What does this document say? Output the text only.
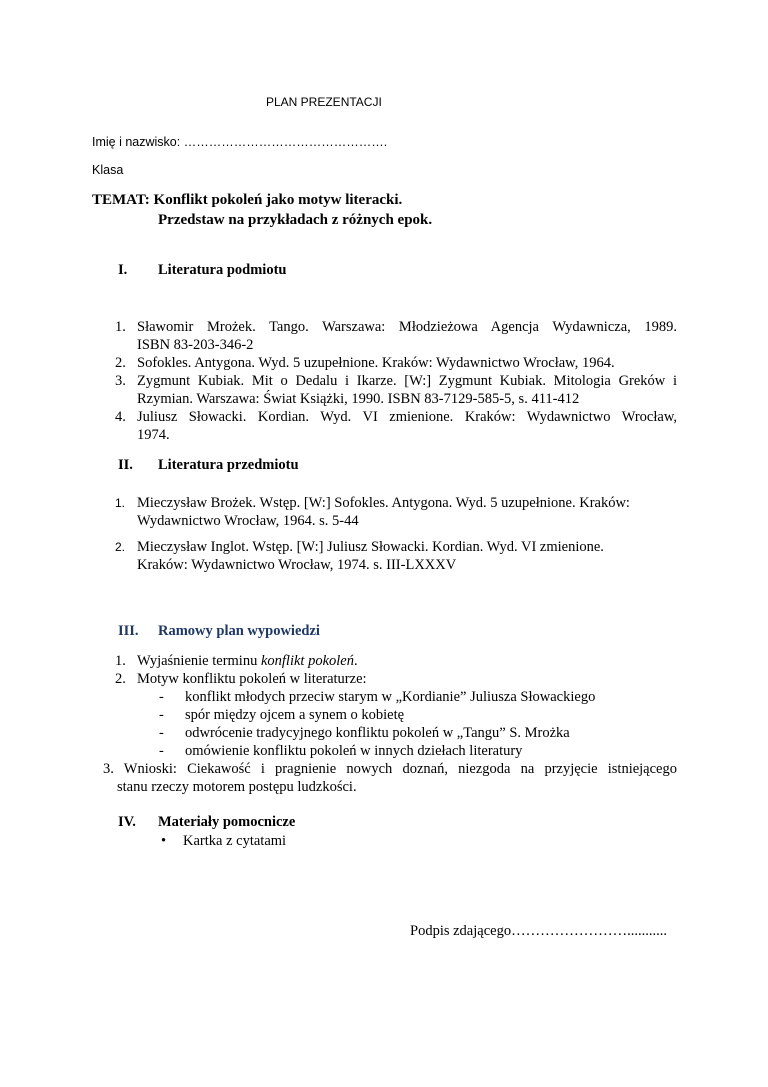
PLAN PREZENTACJI
Imię i nazwisko: ………………………………………….
Klasa
TEMAT: Konflikt pokoleń jako motyw literacki.
Przedstaw na przykładach z różnych epok.
I. Literatura podmiotu
1. Sławomir Mrożek. Tango. Warszawa: Młodzieżowa Agencja Wydawnicza, 1989.
ISBN 83-203-346-2
2. Sofokles. Antygona. Wyd. 5 uzupełnione. Kraków: Wydawnictwo Wrocław, 1964.
3. Zygmunt Kubiak. Mit o Dedalu i Ikarze. [W:] Zygmunt Kubiak. Mitologia Greków i
Rzymian. Warszawa: Świat Książki, 1990. ISBN 83-7129-585-5, s. 411-412
4. Juliusz Słowacki. Kordian. Wyd. VI zmienione. Kraków: Wydawnictwo Wrocław,
1974.
II. Literatura przedmiotu
1. Mieczysław Brożek. Wstęp. [W:] Sofokles. Antygona. Wyd. 5 uzupełnione. Kraków:
Wydawnictwo Wrocław, 1964. s. 5-44
2. Mieczysław Inglot. Wstęp. [W:] Juliusz Słowacki. Kordian. Wyd. VI zmienione.
Kraków: Wydawnictwo Wrocław, 1974. s. III-LXXXV
III. Ramowy plan wypowiedzi
1. Wyjaśnienie terminu konflikt pokoleń.
2. Motyw konfliktu pokoleń w literaturze:
-	konflikt młodych przeciw starym w „Kordianie” Juliusza Słowackiego
-	spór między ojcem a synem o kobietę
-	odwrócenie tradycyjnego konfliktu pokoleń w „Tangu” S. Mrożka
-	omówienie konfliktu pokoleń w innych dziełach literatury
3. Wnioski: Ciekawość i pragnienie nowych doznań, niezgoda na przyjęcie istniejącego
stanu rzeczy motorem postępu ludzkości.
IV. Materiały pomocnicze
•	Kartka z cytatami
Podpis zdającego……………………...........
